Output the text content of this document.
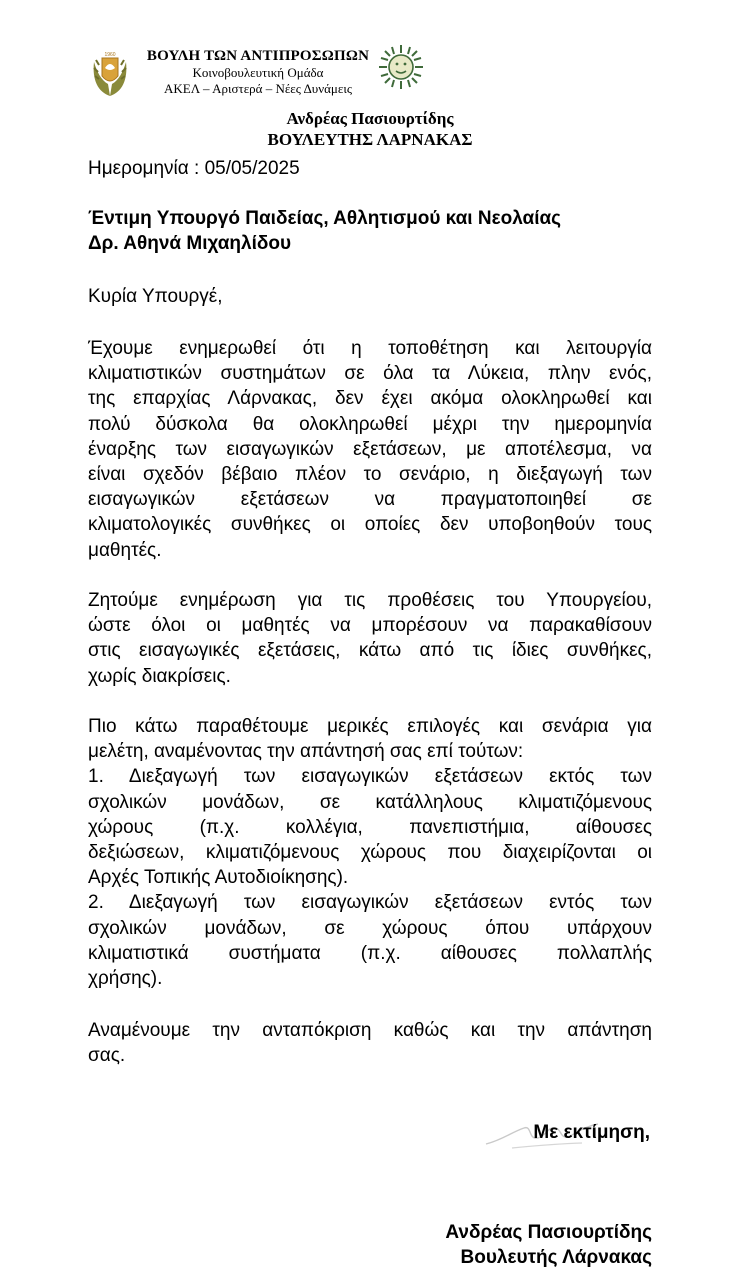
1960	ΒΟΥΛΗ ΤΩΝ ΑΝΤΙΠΡΟΣΩΠΩΝ
Κοινοβουλευτική Ομάδα
ΑΚΕΛ – Αριστερά – Νέες Δυνάμεις
Ανδρέας Πασιουρτίδης
ΒΟΥΛΕΥΤΗΣ ΛΑΡΝΑΚΑΣ
Ημερομηνία : 05/05/2025
Έντιμη Υπουργό Παιδείας, Αθλητισμού και Νεολαίας
Δρ. Αθηνά Μιχαηλίδου
Κυρία Υπουργέ,
Έχουμε ενημερωθεί ότι η τοποθέτηση και λειτουργία
κλιματιστικών συστημάτων σε όλα τα Λύκεια, πλην ενός,
της επαρχίας Λάρνακας, δεν έχει ακόμα ολοκληρωθεί και
πολύ δύσκολα θα ολοκληρωθεί μέχρι την ημερομηνία
έναρξης των εισαγωγικών εξετάσεων, με αποτέλεσμα, να
είναι σχεδόν βέβαιο πλέον το σενάριο, η διεξαγωγή των
εισαγωγικών εξετάσεων να πραγματοποιηθεί σε
κλιματολογικές συνθήκες οι οποίες δεν υποβοηθούν τους
μαθητές.
Ζητούμε ενημέρωση για τις προθέσεις του Υπουργείου,
ώστε όλοι οι μαθητές να μπορέσουν να παρακαθίσουν
στις εισαγωγικές εξετάσεις, κάτω από τις ίδιες συνθήκες,
χωρίς διακρίσεις.
Πιο κάτω παραθέτουμε μερικές επιλογές και σενάρια για
μελέτη, αναμένοντας την απάντησή σας επί τούτων:
1. Διεξαγωγή των εισαγωγικών εξετάσεων εκτός των
σχολικών μονάδων, σε κατάλληλους κλιματιζόμενους
χώρους (π.χ. κολλέγια, πανεπιστήμια, αίθουσες
δεξιώσεων, κλιματιζόμενους χώρους που διαχειρίζονται οι
Αρχές Τοπικής Αυτοδιοίκησης).
2. Διεξαγωγή των εισαγωγικών εξετάσεων εντός των
σχολικών μονάδων, σε χώρους όπου υπάρχουν
κλιματιστικά συστήματα (π.χ. αίθουσες πολλαπλής
χρήσης).
Αναμένουμε την ανταπόκριση καθώς και την απάντηση
σας.
Με εκτίμηση,
Ανδρέας Πασιουρτίδης
Βουλευτής Λάρνακας
